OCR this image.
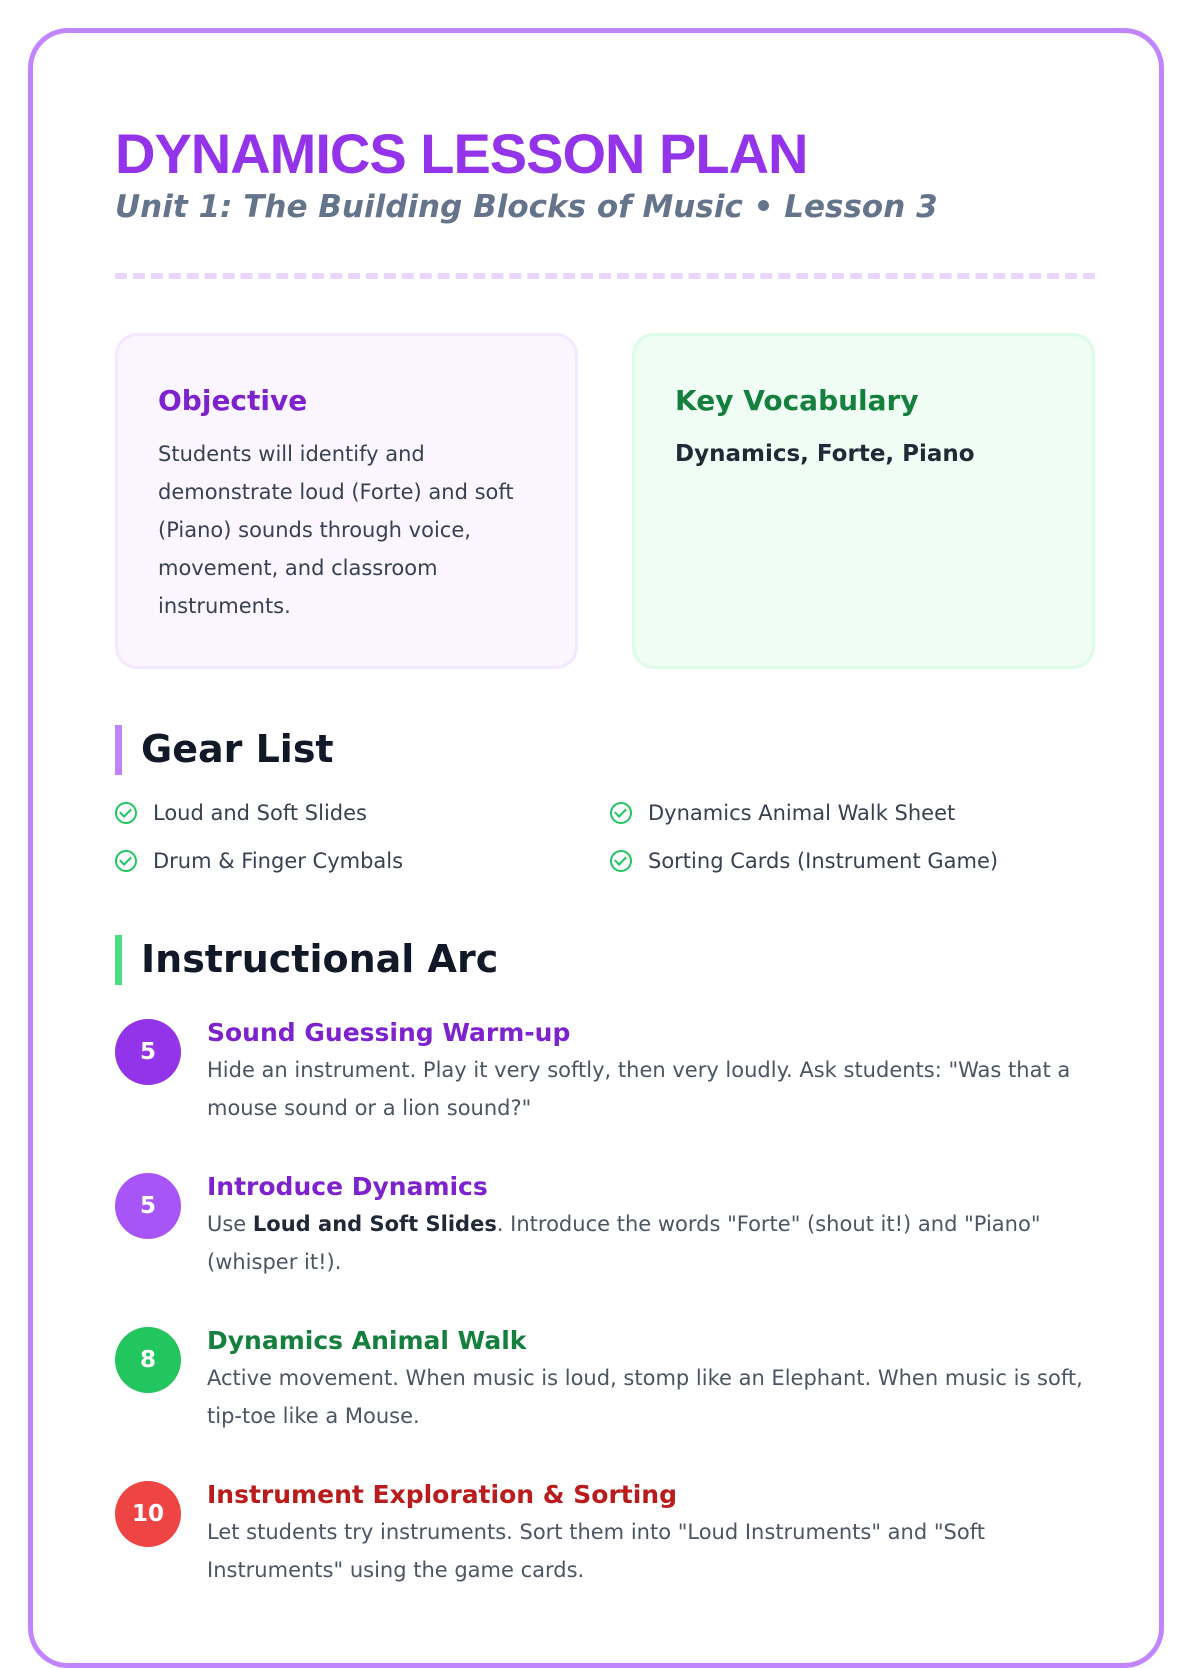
DYNAMICS LESSON PLAN

Unit 1: The Building Blocks of Music • Lesson 3

Objective

Students will identify and demonstrate loud (Forte) and soft (Piano) sounds through voice, movement, and classroom instruments.

Key Vocabulary

Dynamics, Forte, Piano

Gear List
Loud and Soft Slides	Dynamics Animal Walk Sheet
Drum & Finger Cymbals	Sorting Cards (Instrument Game)
Instructional Arc
5
Sound Guessing Warm-up

Hide an instrument. Play it very softly, then very loudly. Ask students: "Was that a mouse sound or a lion sound?"

5
Introduce Dynamics

Use Loud and Soft Slides. Introduce the words "Forte" (shout it!) and "Piano" (whisper it!).

8
Dynamics Animal Walk

Active movement. When music is loud, stomp like an Elephant. When music is soft, tip-toe like a Mouse.

10
Instrument Exploration & Sorting

Let students try instruments. Sort them into "Loud Instruments" and "Soft Instruments" using the game cards.
